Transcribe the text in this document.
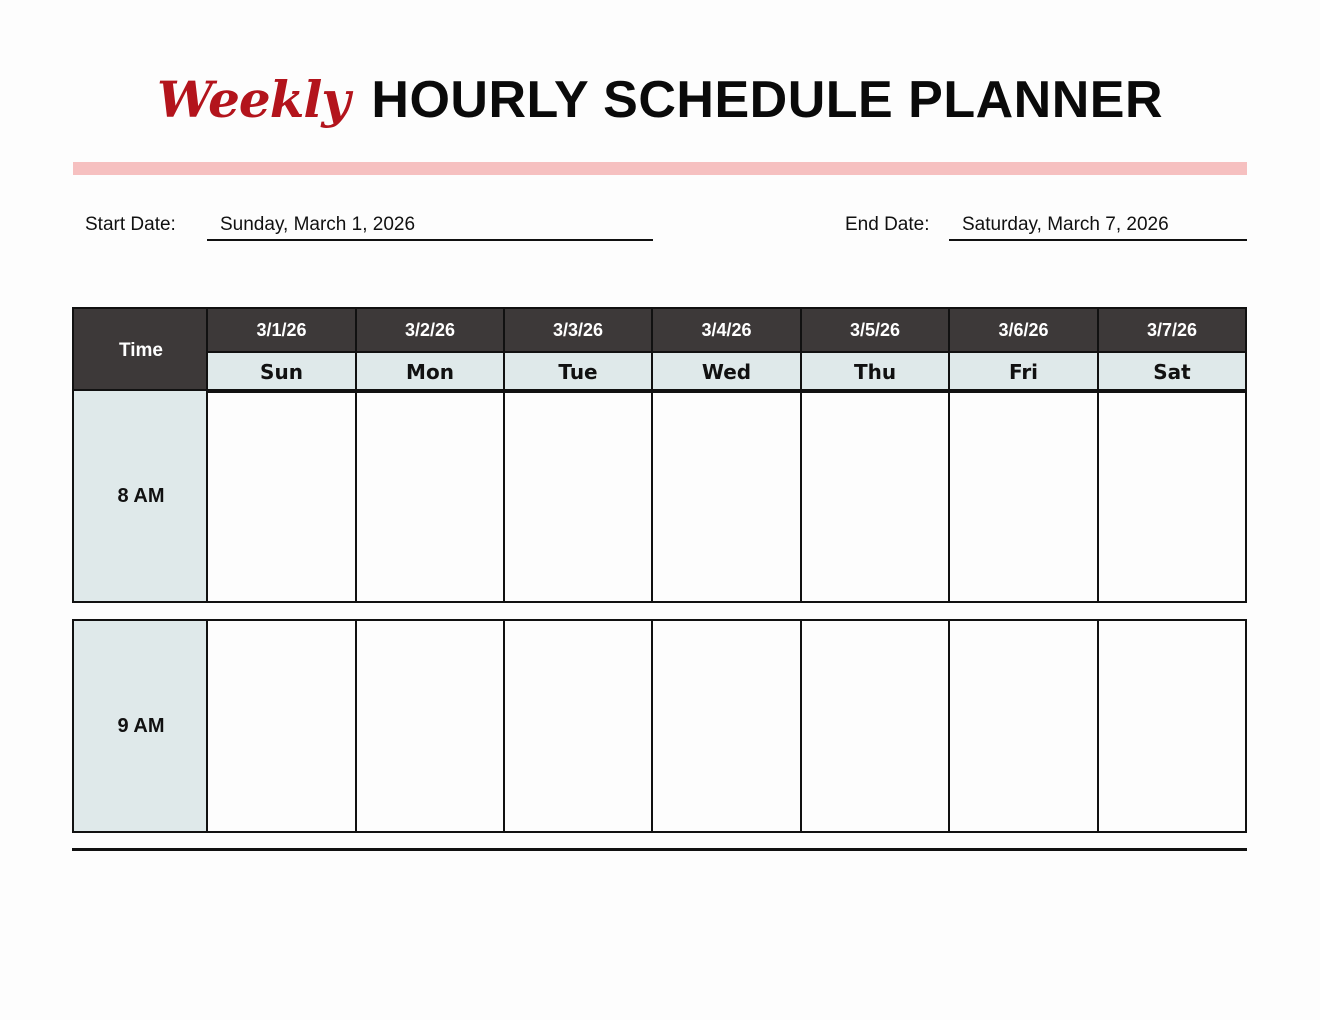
Weekly HOURLY SCHEDULE PLANNER
Start Date: Sunday, March 1, 2026	End Date: Saturday, March 7, 2026
Time
3/1/26
Sun
3/2/26
Mon
3/3/26
Tue
3/4/26
Wed
3/5/26
Thu
3/6/26
Fri
3/7/26
Sat
8 AM
9 AM
